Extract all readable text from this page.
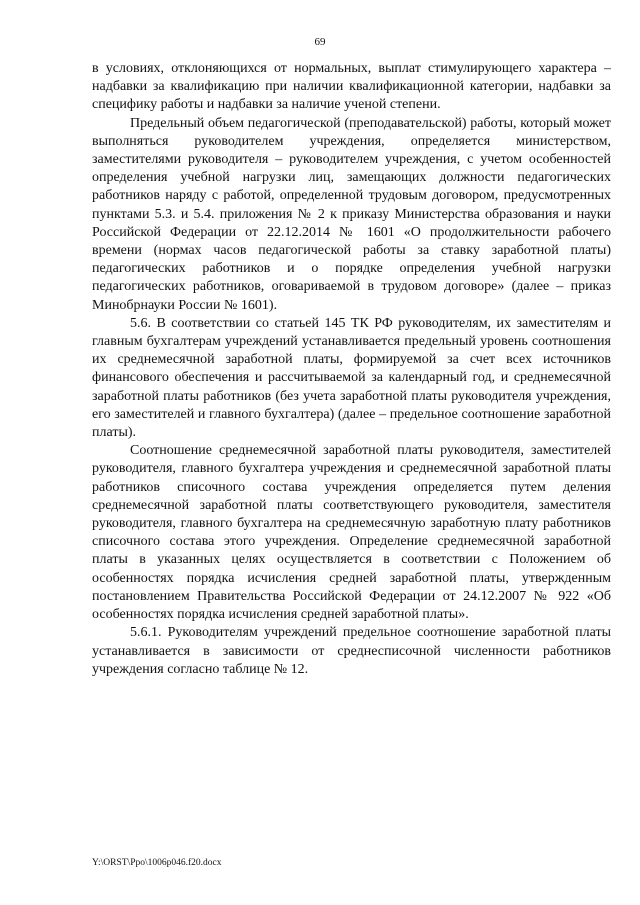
69

в условиях, отклоняющихся от нормальных, выплат стимулирующего характера – надбавки за квалификацию при наличии квалификационной категории, надбавки за специфику работы и надбавки за наличие ученой степени.

Предельный объем педагогической (преподавательской) работы, который может выполняться руководителем учреждения, определяется министерством, заместителями руководителя – руководителем учреждения, с учетом особенностей определения учебной нагрузки лиц, замещающих должности педагогических работников наряду с работой, определенной трудовым договором, предусмотренных пунктами 5.3. и 5.4. приложения № 2 к приказу Министерства образования и науки Российской Федерации от 22.12.2014 № 1601 «О продолжительности рабочего времени (нормах часов педагогической работы за ставку заработной платы) педагогических работников и о порядке определения учебной нагрузки педагогических работников, оговариваемой в трудовом договоре» (далее – приказ Минобрнауки России № 1601).

5.6. В соответствии со статьей 145 ТК РФ руководителям, их заместителям и главным бухгалтерам учреждений устанавливается предельный уровень соотношения их среднемесячной заработной платы, формируемой за счет всех источников финансового обеспечения и рассчитываемой за календарный год, и среднемесячной заработной платы работников (без учета заработной платы руководителя учреждения, его заместителей и главного бухгалтера) (далее – предельное соотношение заработной платы).

Соотношение среднемесячной заработной платы руководителя, заместителей руководителя, главного бухгалтера учреждения и среднемесячной заработной платы работников списочного состава учреждения определяется путем деления среднемесячной заработной платы соответствующего руководителя, заместителя руководителя, главного бухгалтера на среднемесячную заработную плату работников списочного состава этого учреждения. Определение среднемесячной заработной платы в указанных целях осуществляется в соответствии с Положением об особенностях порядка исчисления средней заработной платы, утвержденным постановлением Правительства Российской Федерации от 24.12.2007 № 922 «Об особенностях порядка исчисления средней заработной платы».

5.6.1. Руководителям учреждений предельное соотношение заработной платы устанавливается в зависимости от среднесписочной численности работников учреждения согласно таблице № 12.

Y:\ORST\Ppo\1006p046.f20.docx
